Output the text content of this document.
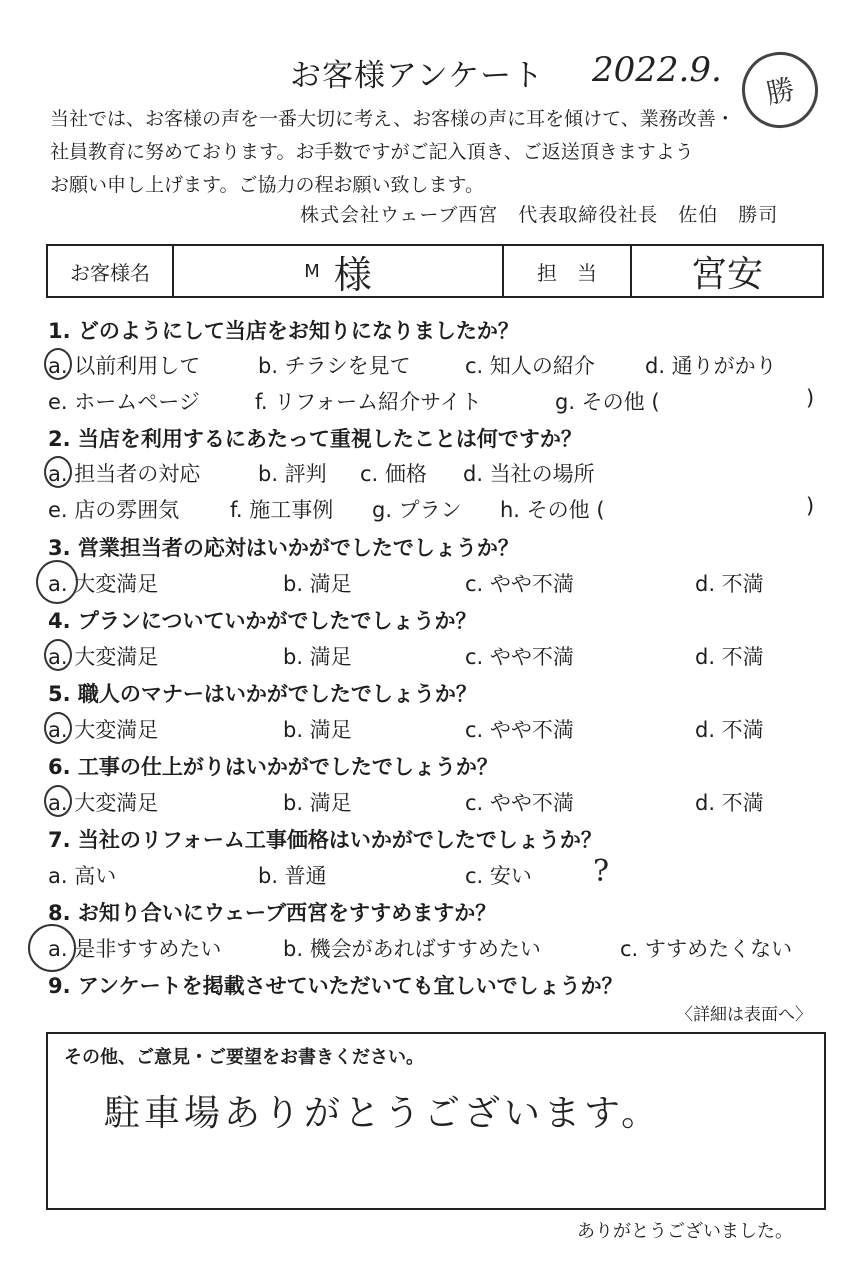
お客様アンケート 2022.9.
勝
当社では、お客様の声を一番大切に考え、お客様の声に耳を傾けて、業務改善・
社員教育に努めております。お手数ですがご記入頂き、ご返送頂きますよう
お願い申し上げます。ご協力の程お願い致します。
株式会社ウェーブ西宮　代表取締役社長　佐伯　勝司
お客様名	M 様	担　当	宮安
1. どのようにして当店をお知りになりましたか？
a. 以前利用して	b. チラシを見て	c. 知人の紹介 d. 通りがかり
e. ホームページ	f. リフォーム紹介サイト	g. その他 (	)
2. 当店を利用するにあたって重視したことは何ですか？
a. 担当者の対応	b. 評判 c. 価格 d. 当社の場所
e. 店の雰囲気 f. 施工事例 g. プラン h. その他 (	)
3. 営業担当者の応対はいかがでしたでしょうか？
a. 大変満足	b. 満足	c. やや不満	d. 不満
4. プランについていかがでしたでしょうか？
a. 大変満足	b. 満足	c. やや不満	d. 不満
5. 職人のマナーはいかがでしたでしょうか？
a. 大変満足	b. 満足	c. やや不満	d. 不満
6. 工事の仕上がりはいかがでしたでしょうか？
a. 大変満足	b. 満足	c. やや不満	d. 不満
7. 当社のリフォーム工事価格はいかがでしたでしょうか？
a. 高い	b. 普通	c. 安い ?
8. お知り合いにウェーブ西宮をすすめますか？
a. 是非すすめたい	b. 機会があればすすめたい	c. すすめたくない
9. アンケートを掲載させていただいても宜しいでしょうか？
〈詳細は表面へ〉
その他、ご意見・ご要望をお書きください。
駐車場ありがとうございます。
ありがとうございました。
